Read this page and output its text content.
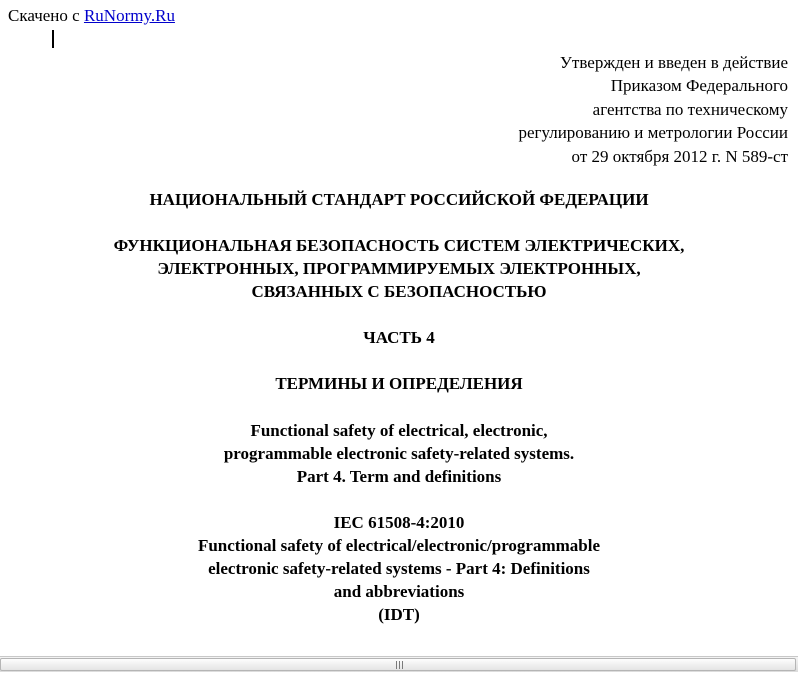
Скачено с RuNormy.Ru
Утвержден и введен в действие
Приказом Федерального
агентства по техническому
регулированию и метрологии России
от 29 октября 2012 г. N 589-ст
НАЦИОНАЛЬНЫЙ СТАНДАРТ РОССИЙСКОЙ ФЕДЕРАЦИИ
ФУНКЦИОНАЛЬНАЯ БЕЗОПАСНОСТЬ СИСТЕМ ЭЛЕКТРИЧЕСКИХ,
ЭЛЕКТРОННЫХ, ПРОГРАММИРУЕМЫХ ЭЛЕКТРОННЫХ,
СВЯЗАННЫХ С БЕЗОПАСНОСТЬЮ
ЧАСТЬ 4
ТЕРМИНЫ И ОПРЕДЕЛЕНИЯ
Functional safety of electrical, electronic,
programmable electronic safety-related systems.
Part 4. Term and definitions
IEC 61508-4:2010
Functional safety of electrical/electronic/programmable
electronic safety-related systems - Part 4: Definitions
and abbreviations
(IDT)
